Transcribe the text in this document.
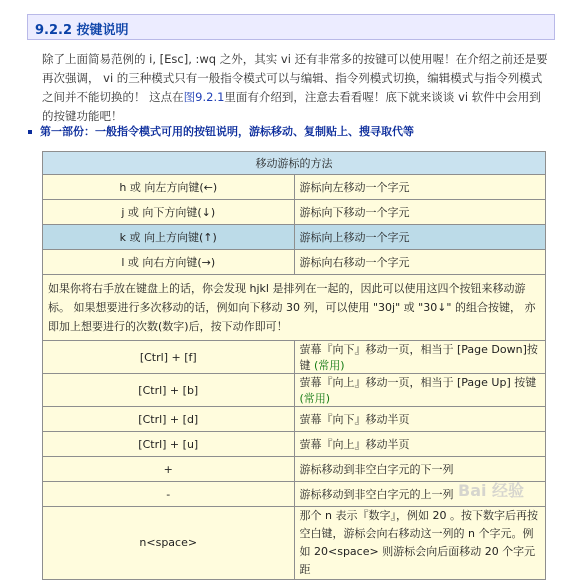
9.2.2 按键说明
除了上面简易范例的 i, [Esc], :wq 之外，其实 vi 还有非常多的按键可以使用喔！在介绍之前还是要再次强调， vi 的三种模式只有一般指令模式可以与编辑、指令列模式切换，编辑模式与指令列模式之间并不能切换的！ 这点在图9.2.1里面有介绍到，注意去看看喔！底下就来谈谈 vi 软件中会用到的按键功能吧！
第一部份：一般指令模式可用的按钮说明，游标移动、复制贴上、搜寻取代等
移动游标的方法	
h 或 向左方向键(←)	游标向左移动一个字元
j 或 向下方向键(↓)	游标向下移动一个字元
k 或 向上方向键(↑)	游标向上移动一个字元
l 或 向右方向键(→)	游标向右移动一个字元
如果你将右手放在键盘上的话，你会发现 hjkl 是排列在一起的，因此可以使用这四个按钮来移动游标。 如果想要进行多次移动的话，例如向下移动 30 列，可以使用 "30j" 或 "30↓" 的组合按键， 亦即加上想要进行的次数(数字)后，按下动作即可！	
[Ctrl] + [f]	萤幕『向下』移动一页，相当于 [Page Down]按键 (常用)
[Ctrl] + [b]	萤幕『向上』移动一页，相当于 [Page Up] 按键 (常用)
[Ctrl] + [d]	萤幕『向下』移动半页
[Ctrl] + [u]	萤幕『向上』移动半页
+	游标移动到非空白字元的下一列
-	游标移动到非空白字元的上一列
n<space>	那个 n 表示『数字』，例如 20 。按下数字后再按空白键，游标会向右移动这一列的 n 个字元。例如 20<space> 则游标会向后面移动 20 个字元距
Bai 经验
